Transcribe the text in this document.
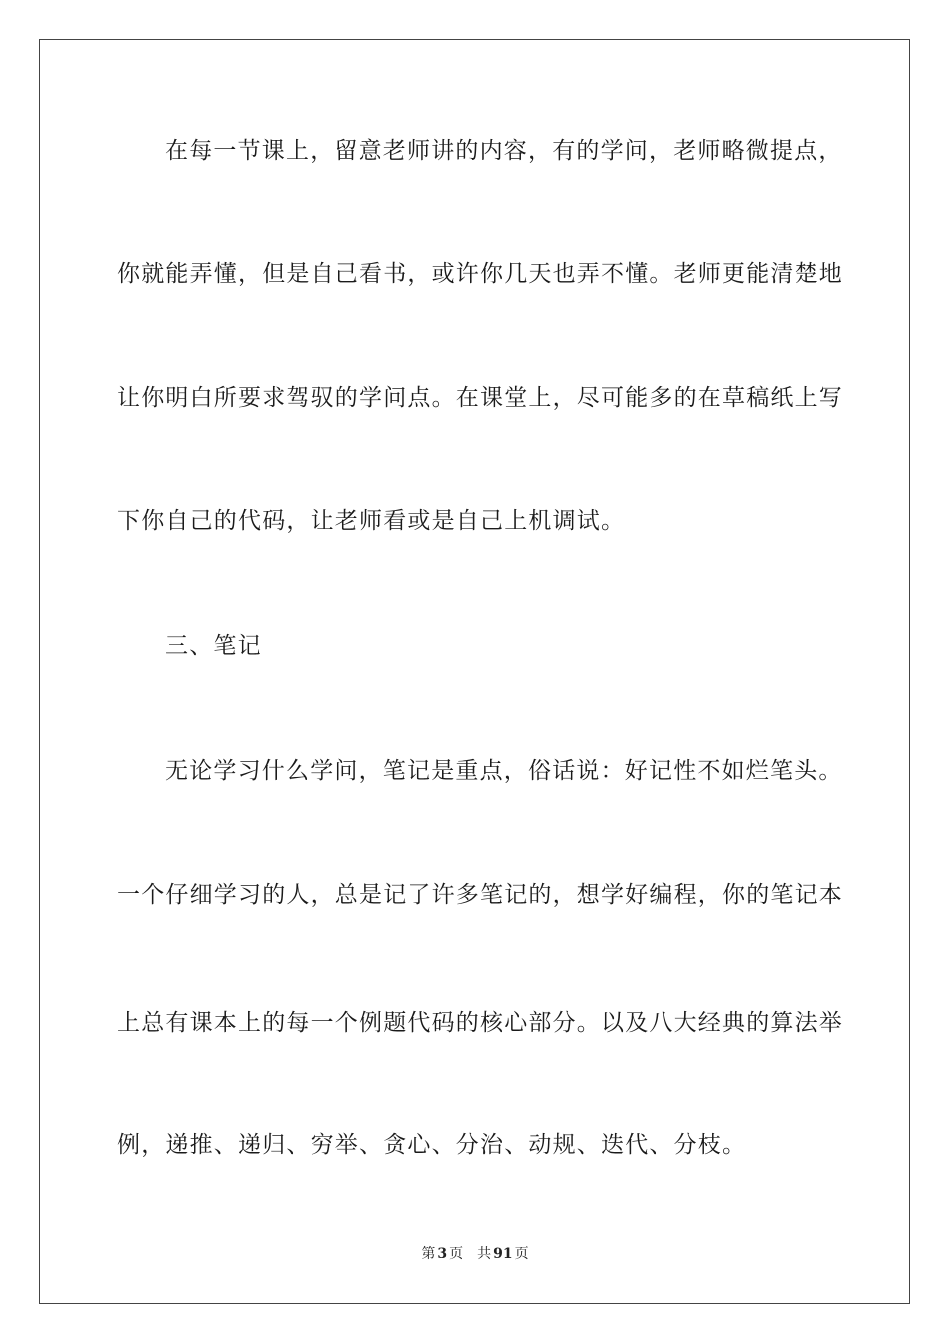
在每一节课上，留意老师讲的内容，有的学问，老师略微提点，
你就能弄懂，但是自己看书，或许你几天也弄不懂。老师更能清楚地
让你明白所要求驾驭的学问点。在课堂上，尽可能多的在草稿纸上写
下你自己的代码，让老师看或是自己上机调试。
三、笔记
无论学习什么学问，笔记是重点，俗话说：好记性不如烂笔头。
一个仔细学习的人，总是记了许多笔记的，想学好编程，你的笔记本
上总有课本上的每一个例题代码的核心部分。以及八大经典的算法举
例，递推、递归、穷举、贪心、分治、动规、迭代、分枝。
第 3 页 共 91 页
